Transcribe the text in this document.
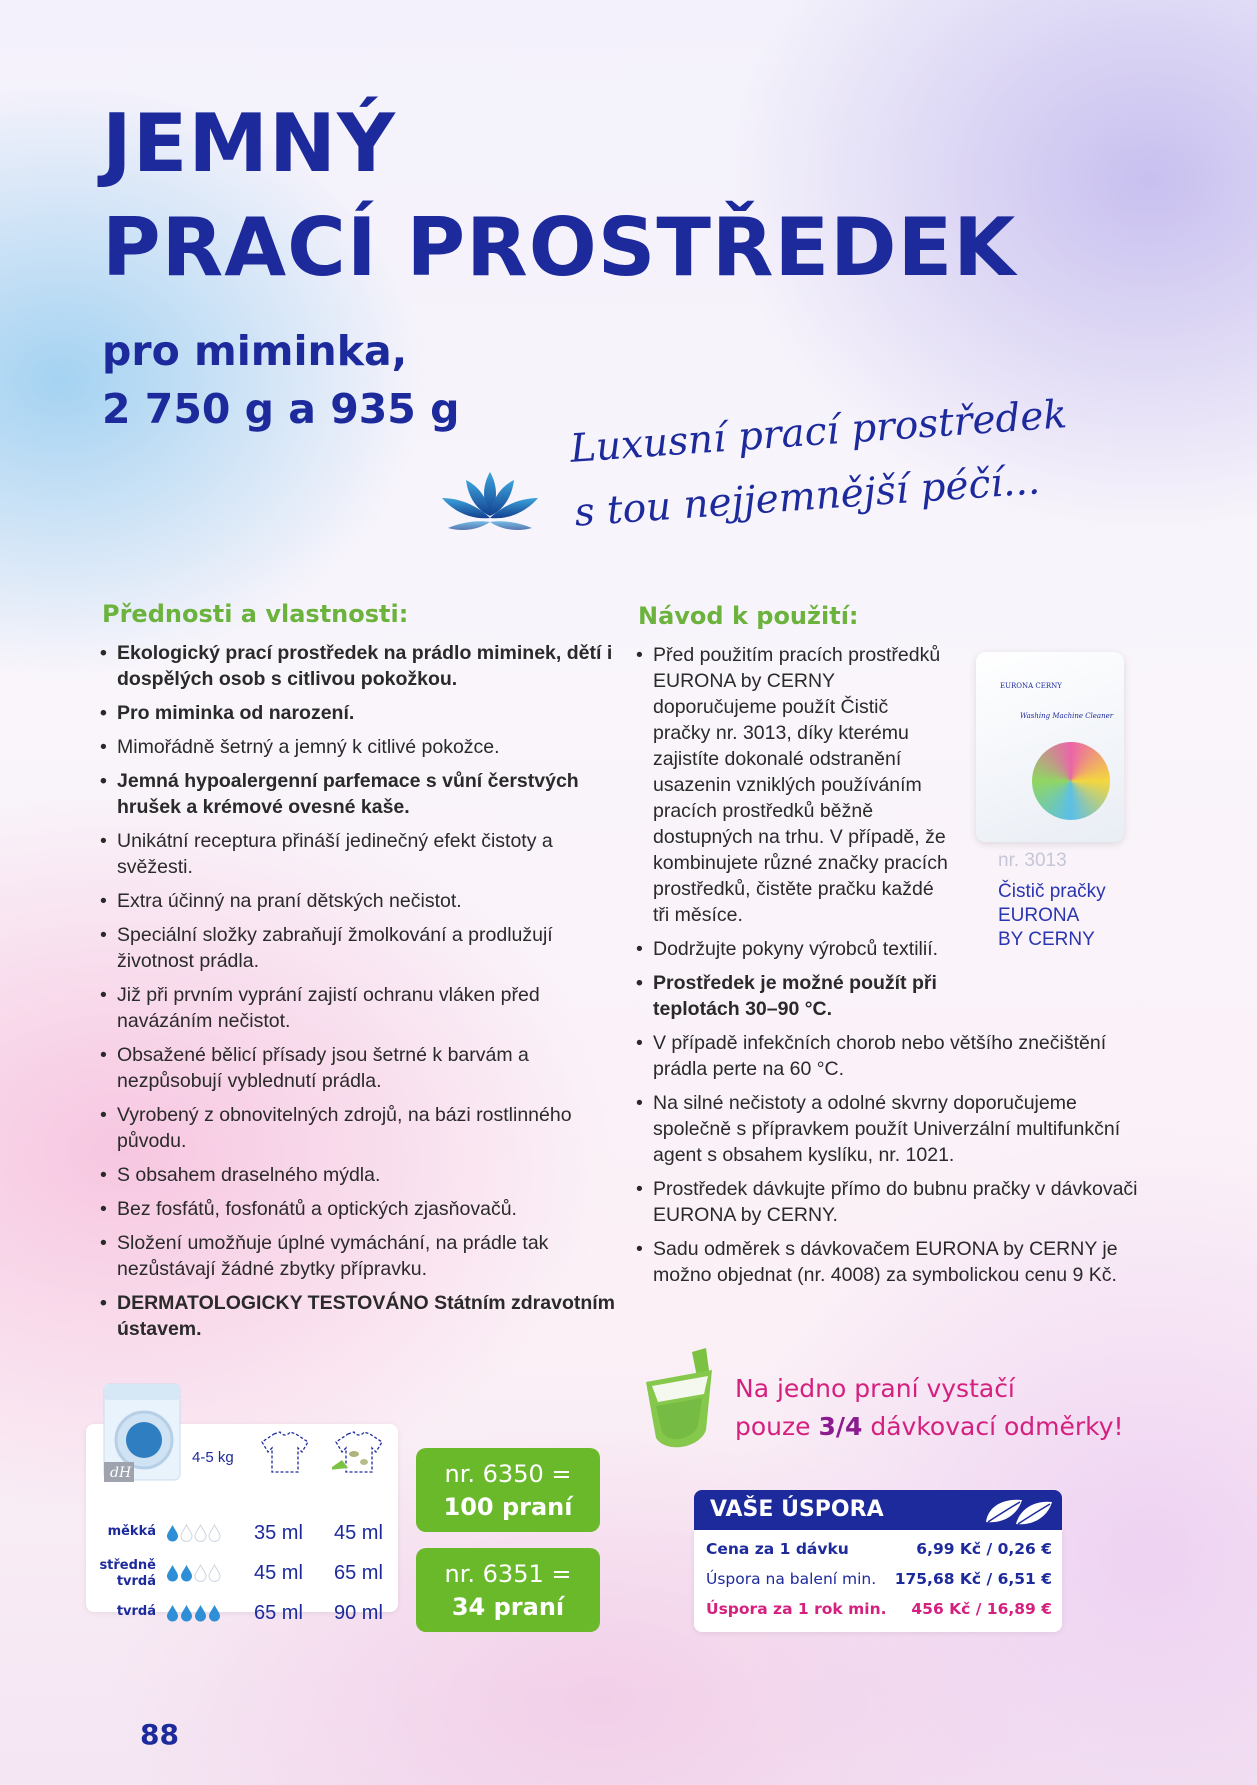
JEMNÝ
PRACÍ PROSTŘEDEK
pro miminka,
2 750 g a 935 g	Luxusní prací prostředek
s tou nejjemnější péčí...
Přednosti a vlastnosti:
• Ekologický prací prostředek na prádlo miminek, dětí i dospělých osob s citlivou pokožkou.
• Pro miminka od narození.
• Mimořádně šetrný a jemný k citlivé pokožce.
• Jemná hypoalergenní parfemace s vůní čerstvých hrušek a krémové ovesné kaše.
• Unikátní receptura přináší jedinečný efekt čistoty a svěžesti.
• Extra účinný na praní dětských nečistot.
• Speciální složky zabraňují žmolkování a prodlužují životnost prádla.
• Již při prvním vyprání zajistí ochranu vláken před navázáním nečistot.
• Obsažené bělicí přísady jsou šetrné k barvám a nezpůsobují vyblednutí prádla.
• Vyrobený z obnovitelných zdrojů, na bázi rostlinného původu.
• S obsahem draselného mýdla.
• Bez fosfátů, fosfonátů a optických zjasňovačů.
• Složení umožňuje úplné vymáchání, na prádle tak nezůstávají žádné zbytky přípravku.
• DERMATOLOGICKY TESTOVÁNO Státním zdravotním ústavem.
Návod k použití:
• Před použitím pracích prostředků EURONA by CERNY doporučujeme použít Čistič pračky nr. 3013, díky kterému zajistíte dokonalé odstranění usazenin vzniklých používáním pracích prostředků běžně dostupných na trhu. V případě, že kombinujete různé značky pracích prostředků, čistěte pračku každé tři měsíce.
• Dodržujte pokyny výrobců textilií.
• Prostředek je možné použít při teplotách 30–90 °C.
• V případě infekčních chorob nebo většího znečištění prádla perte na 60 °C.
• Na silné nečistoty a odolné skvrny doporučujeme společně s přípravkem použít Univerzální multifunkční agent s obsahem kyslíku, nr. 1021.
• Prostředek dávkujte přímo do bubnu pračky v dávkovači EURONA by CERNY.
• Sadu odměrek s dávkovačem EURONA by CERNY je možno objednat (nr. 4008) za symbolickou cenu 9 Kč.
EURONA CERNY
Washing Machine Cleaner
nr. 3013
Čistič pračky
EURONA
BY CERNY

Na jedno praní vystačí
pouze 3/4 dávkovací odměrky!

dH
4-5 kg
měkká	35 ml 45 ml
středně tvrdá	45 ml 65 ml
tvrdá	65 ml 90 ml
nr. 6350 =
100 praní
nr. 6351 =
34 praní
VAŠE ÚSPORA
Cena za 1 dávku	6,99 Kč / 0,26 €
Úspora na balení min. 175,68 Kč / 6,51 €
Úspora za 1 rok min. 456 Kč / 16,89 €
88
